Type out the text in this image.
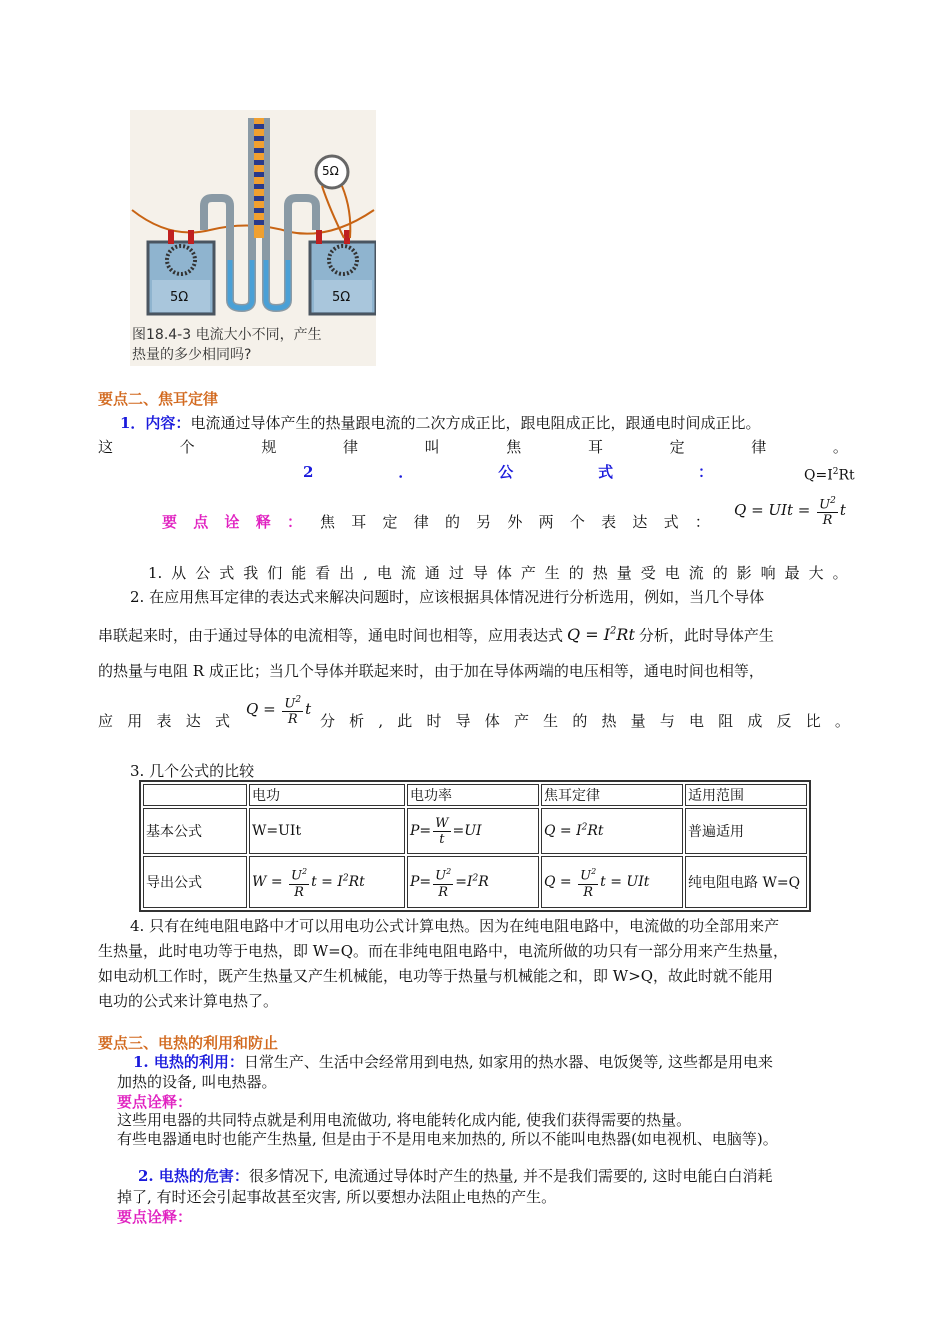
5Ω
5Ω	5Ω
图18.4-3 电流大小不同，产生
热量的多少相同吗?
要点二、焦耳定律
1．内容：电流通过导体产生的热量跟电流的二次方成正比，跟电阻成正比，跟通电时间成正比。
这	个	规	律	叫	焦	耳	定	律	。
2	．	公	式	：	$Q=I^2Rt$
要 点 诠 释 ： 焦 耳 定 律 的 另 外 两 个 表 达 式 ：
Q = UIt = $\frac{U^2}{R}$ t
1. 从 公 式 我 们 能 看 出 , 电 流 通 过 导 体 产 生 的 热 量 受 电 流 的 影 响 最 大 。
2. 在应用焦耳定律的表达式来解决问题时，应该根据具体情况进行分析选用，例如，当几个导体
串联起来时，由于通过导体的电流相等，通电时间也相等，应用表达式 $Q = I^2Rt$ 分析，此时导体产生
的热量与电阻 R 成正比；当几个导体并联起来时，由于加在导体两端的电压相等，通电时间也相等，
应 用 表 达 式
$Q = \frac{U^2}{R}$ t
分 析 , 此 时 导 体 产 生 的 热 量 与 电 阻 成 反 比 。
3. 几个公式的比较
	电功	电功率	焦耳定律	适用范围
基本公式	W=UIt	$P= \frac{W}{t} =UI$	$Q = I^2Rt$	普遍适用
导出公式	$W = \frac{U^2}{R}$ $t = I^2Rt$	$P= \frac{U^2}{R} =I^2R$	$Q = \frac{U^2}{R}$ t = UIt	纯电阻电路 W=Q
4. 只有在纯电阻电路中才可以用电功公式计算电热。因为在纯电阻电路中，电流做的功全部用来产
生热量，此时电功等于电热，即 W=Q。而在非纯电阻电路中，电流所做的功只有一部分用来产生热量，
如电动机工作时，既产生热量又产生机械能，电功等于热量与机械能之和，即 W>Q，故此时就不能用
电功的公式来计算电热了。
要点三、电热的利用和防止
1. 电热的利用：日常生产、生活中会经常用到电热, 如家用的热水器、电饭煲等, 这些都是用电来
加热的设备, 叫电热器。
要点诠释：
这些用电器的共同特点就是利用电流做功, 将电能转化成内能, 使我们获得需要的热量。
有些电器通电时也能产生热量, 但是由于不是用电来加热的, 所以不能叫电热器(如电视机、电脑等)。
2. 电热的危害：很多情况下, 电流通过导体时产生的热量, 并不是我们需要的, 这时电能白白消耗
掉了, 有时还会引起事故甚至灾害, 所以要想办法阻止电热的产生。
要点诠释：
